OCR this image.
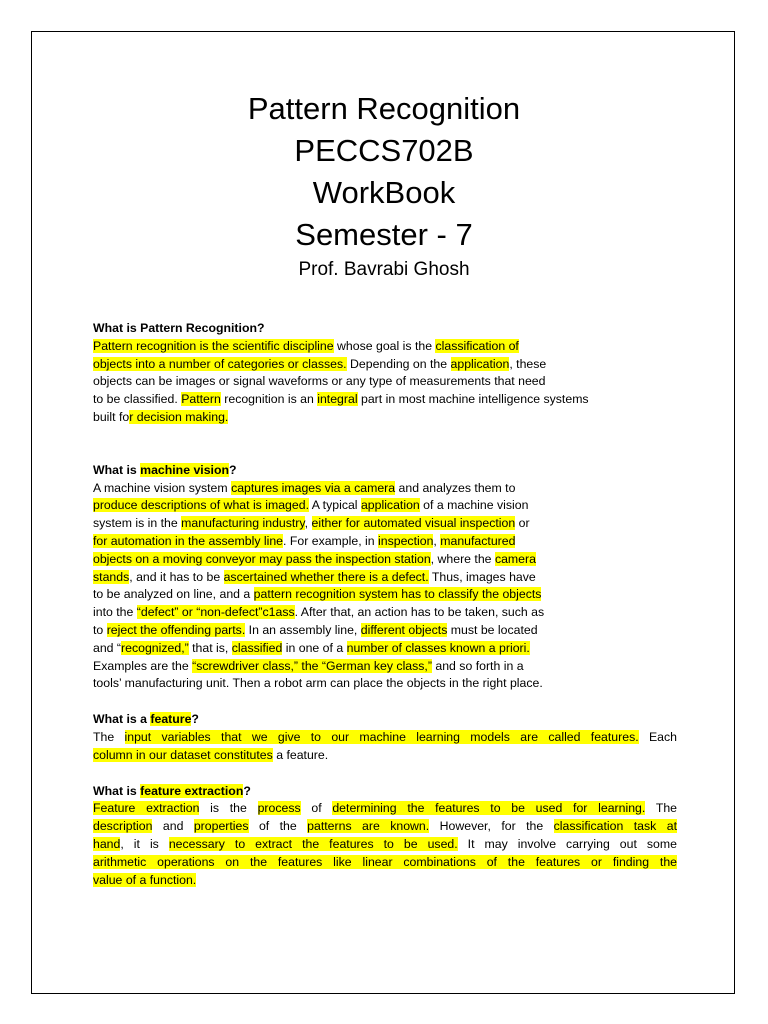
Pattern Recognition
PECCS702B
WorkBook
Semester - 7
Prof. Bavrabi Ghosh
What is Pattern Recognition?
Pattern recognition is the scientific discipline whose goal is the classification of
objects into a number of categories or classes. Depending on the application, these
objects can be images or signal waveforms or any type of measurements that need
to be classified. Pattern recognition is an integral part in most machine intelligence systems
built for decision making.
What is machine vision?
A machine vision system captures images via a camera and analyzes them to
produce descriptions of what is imaged. A typical application of a machine vision
system is in the manufacturing industry, either for automated visual inspection or
for automation in the assembly line. For example, in inspection, manufactured
objects on a moving conveyor may pass the inspection station, where the camera
stands, and it has to be ascertained whether there is a defect. Thus, images have
to be analyzed on line, and a pattern recognition system has to classify the objects
into the “defect” or “non-defect”c1ass. After that, an action has to be taken, such as
to reject the offending parts. In an assembly line, different objects must be located
and “recognized,” that is, classified in one of a number of classes known a priori.
Examples are the “screwdriver class,” the “German key class,” and so forth in a
tools’ manufacturing unit. Then a robot arm can place the objects in the right place.
What is a feature?
The input variables that we give to our machine learning models are called features. Each
column in our dataset constitutes a feature.
What is feature extraction?
Feature extraction is the process of determining the features to be used for learning. The
description and properties of the patterns are known. However, for the classification task at
hand, it is necessary to extract the features to be used. It may involve carrying out some
arithmetic operations on the features like linear combinations of the features or finding the
value of a function.
